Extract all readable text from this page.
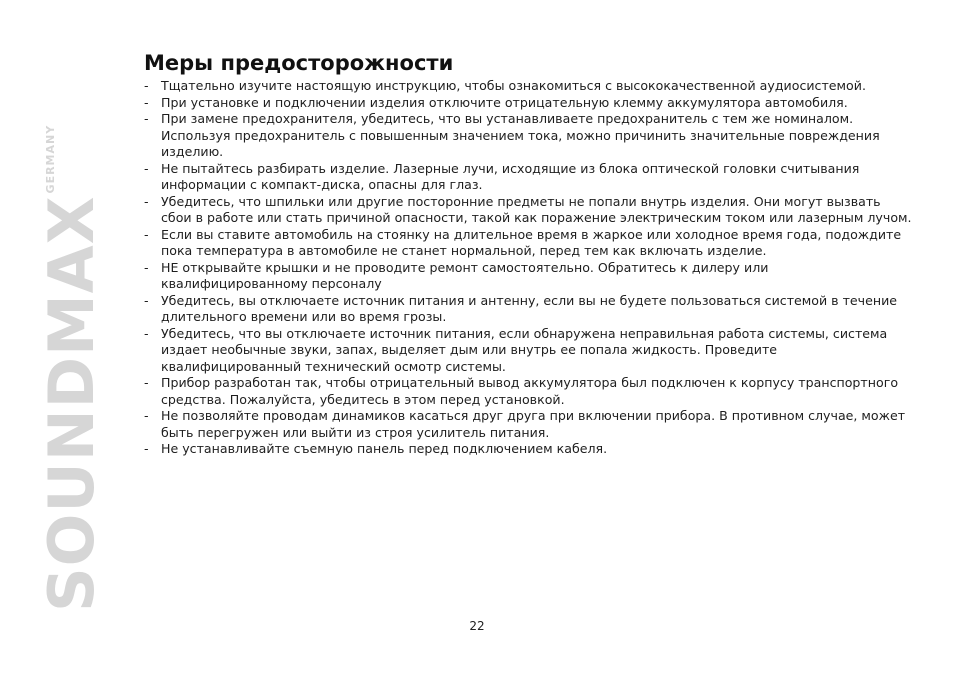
SOUNDMAX
GERMANY
Меры предосторожности
- Тщательно изучите настоящую инструкцию, чтобы ознакомиться с высококачественной аудиосистемой.
- При установке и подключении изделия отключите отрицательную клемму аккумулятора автомобиля.
- При замене предохранителя, убедитесь, что вы устанавливаете предохранитель с тем же номиналом. Используя предохранитель с повышенным значением тока, можно причинить значительные повреждения изделию.
- Не пытайтесь разбирать изделие. Лазерные лучи, исходящие из блока оптической головки считывания информации с компакт-диска, опасны для глаз.
- Убедитесь, что шпильки или другие посторонние предметы не попали внутрь изделия. Они могут вызвать сбои в работе или стать причиной опасности, такой как поражение электрическим током или лазерным лучом.
- Если вы ставите автомобиль на стоянку на длительное время в жаркое или холодное время года, подождите пока температура в автомобиле не станет нормальной, перед тем как включать изделие.
- НЕ открывайте крышки и не проводите ремонт самостоятельно. Обратитесь к дилеру или квалифицированному персоналу
- Убедитесь, вы отключаете источник питания и антенну, если вы не будете пользоваться системой в течение длительного времени или во время грозы.
- Убедитесь, что вы отключаете источник питания, если обнаружена неправильная работа системы, система издает необычные звуки, запах, выделяет дым или внутрь ее попала жидкость. Проведите квалифицированный технический осмотр системы.
- Прибор разработан так, чтобы отрицательный вывод аккумулятора был подключен к корпусу транспортного средства. Пожалуйста, убедитесь в этом перед установкой.
- Не позволяйте проводам динамиков касаться друг друга при включении прибора. В противном случае, может быть перегружен или выйти из строя усилитель питания.
- Не устанавливайте съемную панель перед подключением кабеля.
22
